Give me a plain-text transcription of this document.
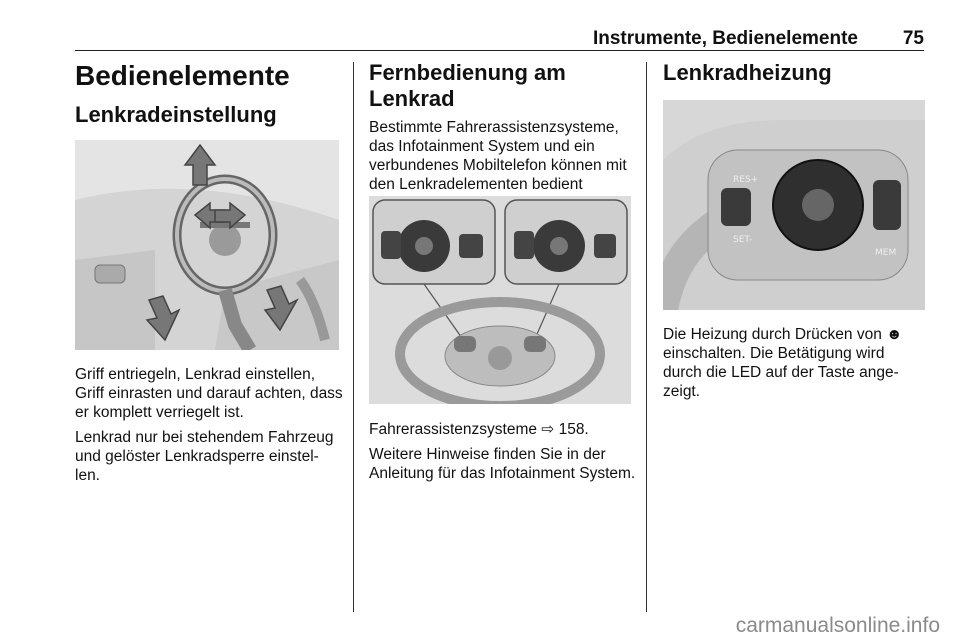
Instrumente, Bedienelemente 75
Bedienelemente
Lenkradeinstellung

Griff entriegeln, Lenkrad einstellen, Griff einrasten und darauf achten, dass er komplett verriegelt ist.

Lenkrad nur bei stehendem Fahrzeug und gelöster Lenkradsperre einstel-len.

Fernbedienung am Lenkrad

Bestimmte Fahrerassistenzsysteme, das Infotainment System und ein verbundenes Mobiltelefon können mit den Lenkradelementen bedient

Fahrerassistenzsysteme ⇨ 158.

Weitere Hinweise finden Sie in der Anleitung für das Infotainment System.

Lenkradheizung
RES+
SET-
MEM

Die Heizung durch Drücken von ☻ einschalten. Die Betätigung wird durch die LED auf der Taste ange-zeigt.

carmanualsonline.info
